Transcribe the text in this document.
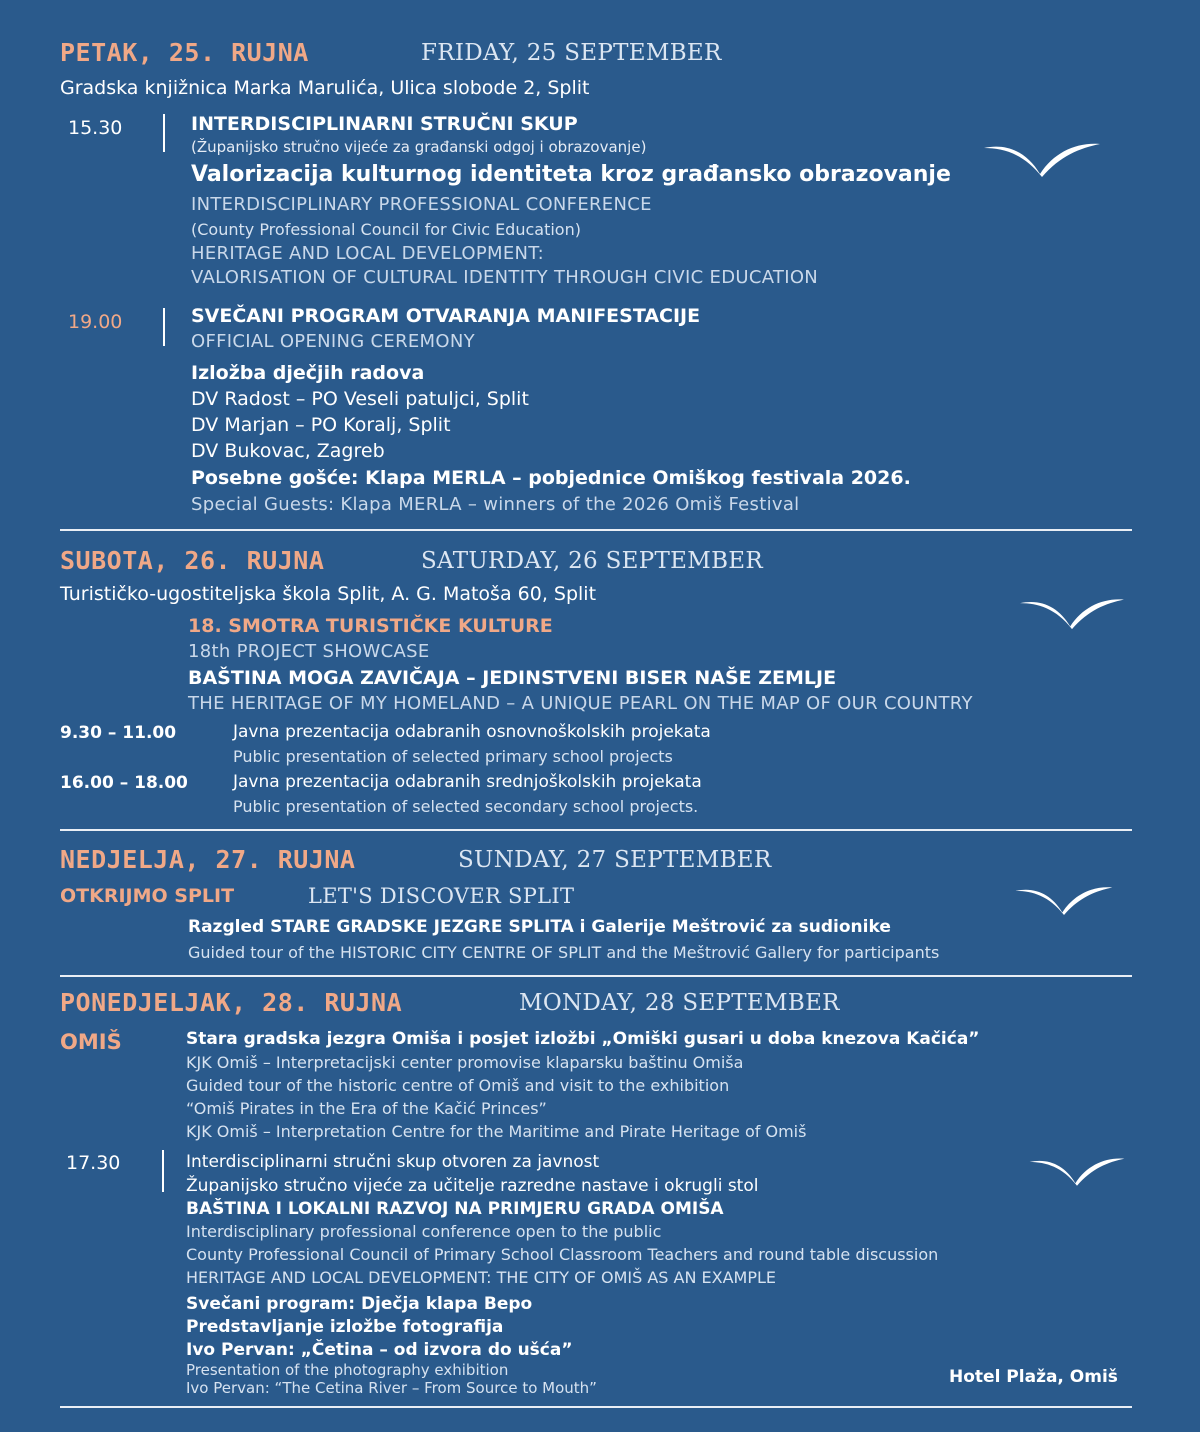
PETAK, 25. RUJNA	FRIDAY, 25 SEPTEMBER
Gradska knjižnica Marka Marulića, Ulica slobode 2, Split
15.30	INTERDISCIPLINARNI STRUČNI SKUP
(Županijsko stručno vijeće za građanski odgoj i obrazovanje)
Valorizacija kulturnog identiteta kroz građansko obrazovanje
INTERDISCIPLINARY PROFESSIONAL CONFERENCE
(County Professional Council for Civic Education)
HERITAGE AND LOCAL DEVELOPMENT:
VALORISATION OF CULTURAL IDENTITY THROUGH CIVIC EDUCATION
19.00	SVEČANI PROGRAM OTVARANJA MANIFESTACIJE
OFFICIAL OPENING CEREMONY
Izložba dječjih radova
DV Radost – PO Veseli patuljci, Split
DV Marjan – PO Koralj, Split
DV Bukovac, Zagreb
Posebne gošće: Klapa MERLA – pobjednice Omiškog festivala 2026.
Special Guests: Klapa MERLA – winners of the 2026 Omiš Festival
SUBOTA, 26. RUJNA	SATURDAY, 26 SEPTEMBER
Turističko-ugostiteljska škola Split, A. G. Matoša 60, Split
18. SMOTRA TURISTIČKE KULTURE
18th PROJECT SHOWCASE
BAŠTINA MOGA ZAVIČAJA – JEDINSTVENI BISER NAŠE ZEMLJE
THE HERITAGE OF MY HOMELAND – A UNIQUE PEARL ON THE MAP OF OUR COUNTRY
9.30 – 11.00	Javna prezentacija odabranih osnovnoškolskih projekata
Public presentation of selected primary school projects
16.00 – 18.00	Javna prezentacija odabranih srednjoškolskih projekata
Public presentation of selected secondary school projects.
NEDJELJA, 27. RUJNA	SUNDAY, 27 SEPTEMBER
OTKRIJMO SPLIT	LET'S DISCOVER SPLIT
Razgled STARE GRADSKE JEZGRE SPLITA i Galerije Meštrović za sudionike
Guided tour of the HISTORIC CITY CENTRE OF SPLIT and the Meštrović Gallery for participants
PONEDJELJAK, 28. RUJNA	MONDAY, 28 SEPTEMBER
OMIŠ	Stara gradska jezgra Omiša i posjet izložbi „Omiški gusari u doba knezova Kačića”
KJK Omiš – Interpretacijski center promovise klaparsku baštinu Omiša
Guided tour of the historic centre of Omiš and visit to the exhibition
“Omiš Pirates in the Era of the Kačić Princes”
KJK Omiš – Interpretation Centre for the Maritime and Pirate Heritage of Omiš
17.30	Interdisciplinarni stručni skup otvoren za javnost
Županijsko stručno vijeće za učitelje razredne nastave i okrugli stol
BAŠTINA I LOKALNI RAZVOJ NA PRIMJERU GRADA OMIŠA
Interdisciplinary professional conference open to the public
County Professional Council of Primary School Classroom Teachers and round table discussion
HERITAGE AND LOCAL DEVELOPMENT: THE CITY OF OMIŠ AS AN EXAMPLE
Svečani program: Dječja klapa Bepo
Predstavljanje izložbe fotografija
Ivo Pervan: „Četina – od izvora do ušća”
Presentation of the photography exhibition
Ivo Pervan: “The Cetina River – From Source to Mouth”
Hotel Plaža, Omiš
